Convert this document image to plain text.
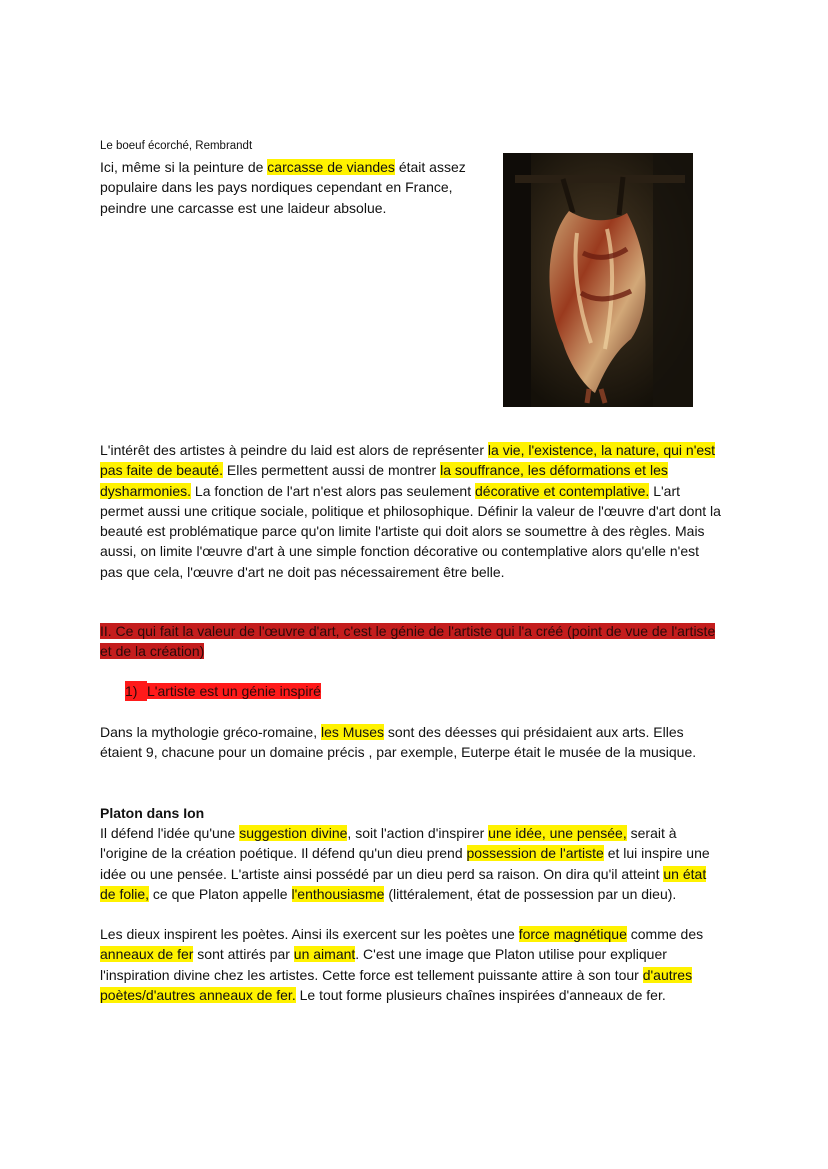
Le boeuf écorché, Rembrandt

Ici, même si la peinture de carcasse de viandes était assez populaire dans les pays nordiques cependant en France, peindre une carcasse est une laideur absolue.

L'intérêt des artistes à peindre du laid est alors de représenter la vie, l'existence, la nature, qui n'est pas faite de beauté. Elles permettent aussi de montrer la souffrance, les déformations et les dysharmonies. La fonction de l'art n'est alors pas seulement décorative et contemplative. L'art permet aussi une critique sociale, politique et philosophique. Définir la valeur de l'œuvre d'art dont la beauté est problématique parce qu'on limite l'artiste qui doit alors se soumettre à des règles. Mais aussi, on limite l'œuvre d'art à une simple fonction décorative ou contemplative alors qu'elle n'est pas que cela, l'œuvre d'art ne doit pas nécessairement être belle.

II. Ce qui fait la valeur de l'œuvre d'art, c'est le génie de l'artiste qui l'a créé (point de vue de l'artiste et de la création)

1) L'artiste est un génie inspiré

Dans la mythologie gréco-romaine, les Muses sont des déesses qui présidaient aux arts. Elles étaient 9, chacune pour un domaine précis , par exemple, Euterpe était le musée de la musique.

Platon dans Ion

Il défend l'idée qu'une suggestion divine, soit l'action d'inspirer une idée, une pensée, serait à l'origine de la création poétique. Il défend qu'un dieu prend possession de l'artiste et lui inspire une idée ou une pensée. L'artiste ainsi possédé par un dieu perd sa raison. On dira qu'il atteint un état de folie, ce que Platon appelle l'enthousiasme (littéralement, état de possession par un dieu).

Les dieux inspirent les poètes. Ainsi ils exercent sur les poètes une force magnétique comme des anneaux de fer sont attirés par un aimant. C'est une image que Platon utilise pour expliquer l'inspiration divine chez les artistes. Cette force est tellement puissante attire à son tour d'autres poètes/d'autres anneaux de fer. Le tout forme plusieurs chaînes inspirées d'anneaux de fer.
